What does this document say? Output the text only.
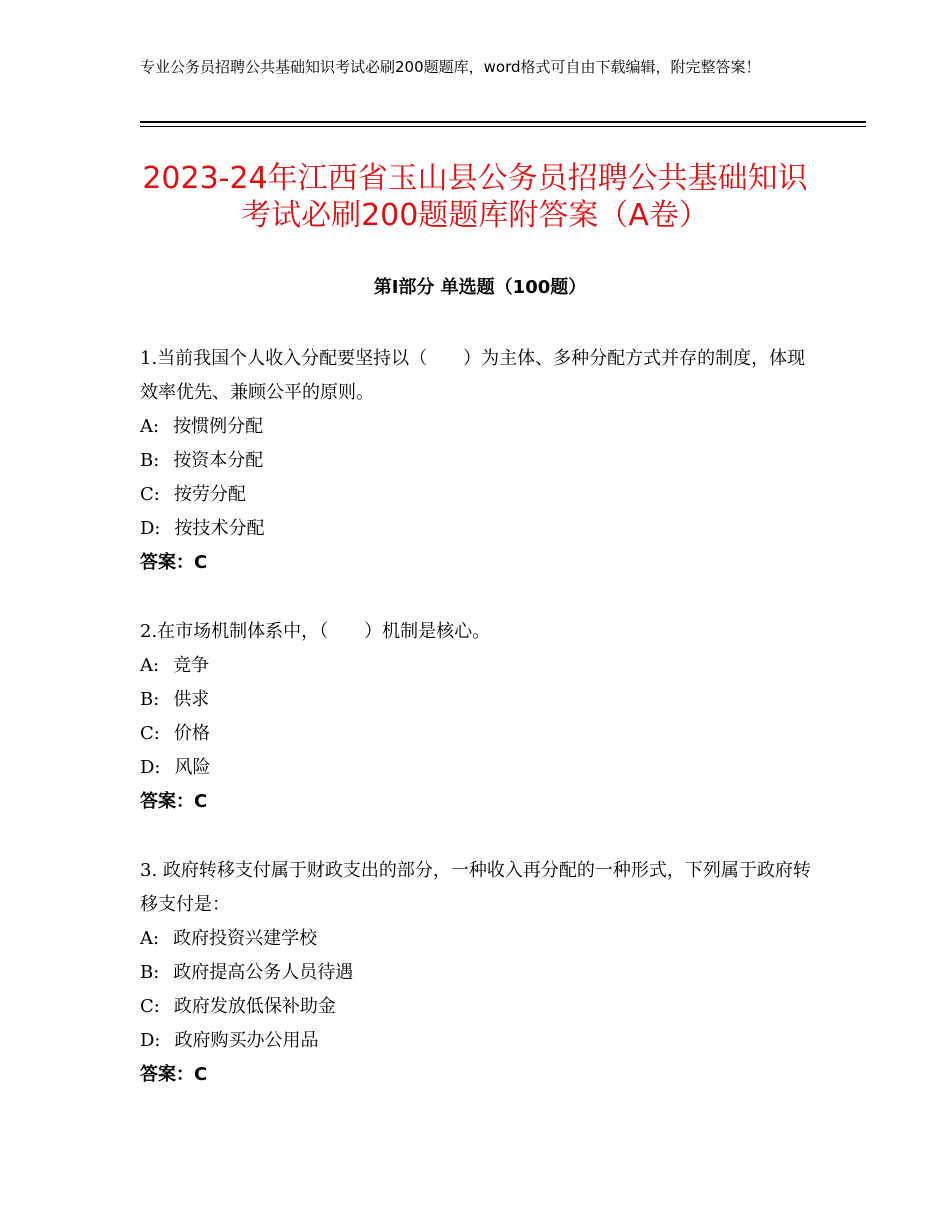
专业公务员招聘公共基础知识考试必刷200题题库，word格式可自由下载编辑，附完整答案！
2023-24年江西省玉山县公务员招聘公共基础知识考试必刷200题题库附答案（A卷）
第Ⅰ部分 单选题（100题）
1.当前我国个人收入分配要坚持以（　　）为主体、多种分配方式并存的制度，体现效率优先、兼顾公平的原则。
A: 按惯例分配
B: 按资本分配
C: 按劳分配
D: 按技术分配
答案：C
2.在市场机制体系中，（　　）机制是核心。
A: 竞争
B: 供求
C: 价格
D: 风险
答案：C
3. 政府转移支付属于财政支出的部分，一种收入再分配的一种形式，下列属于政府转移支付是：
A: 政府投资兴建学校
B: 政府提高公务人员待遇
C: 政府发放低保补助金
D: 政府购买办公用品
答案：C
